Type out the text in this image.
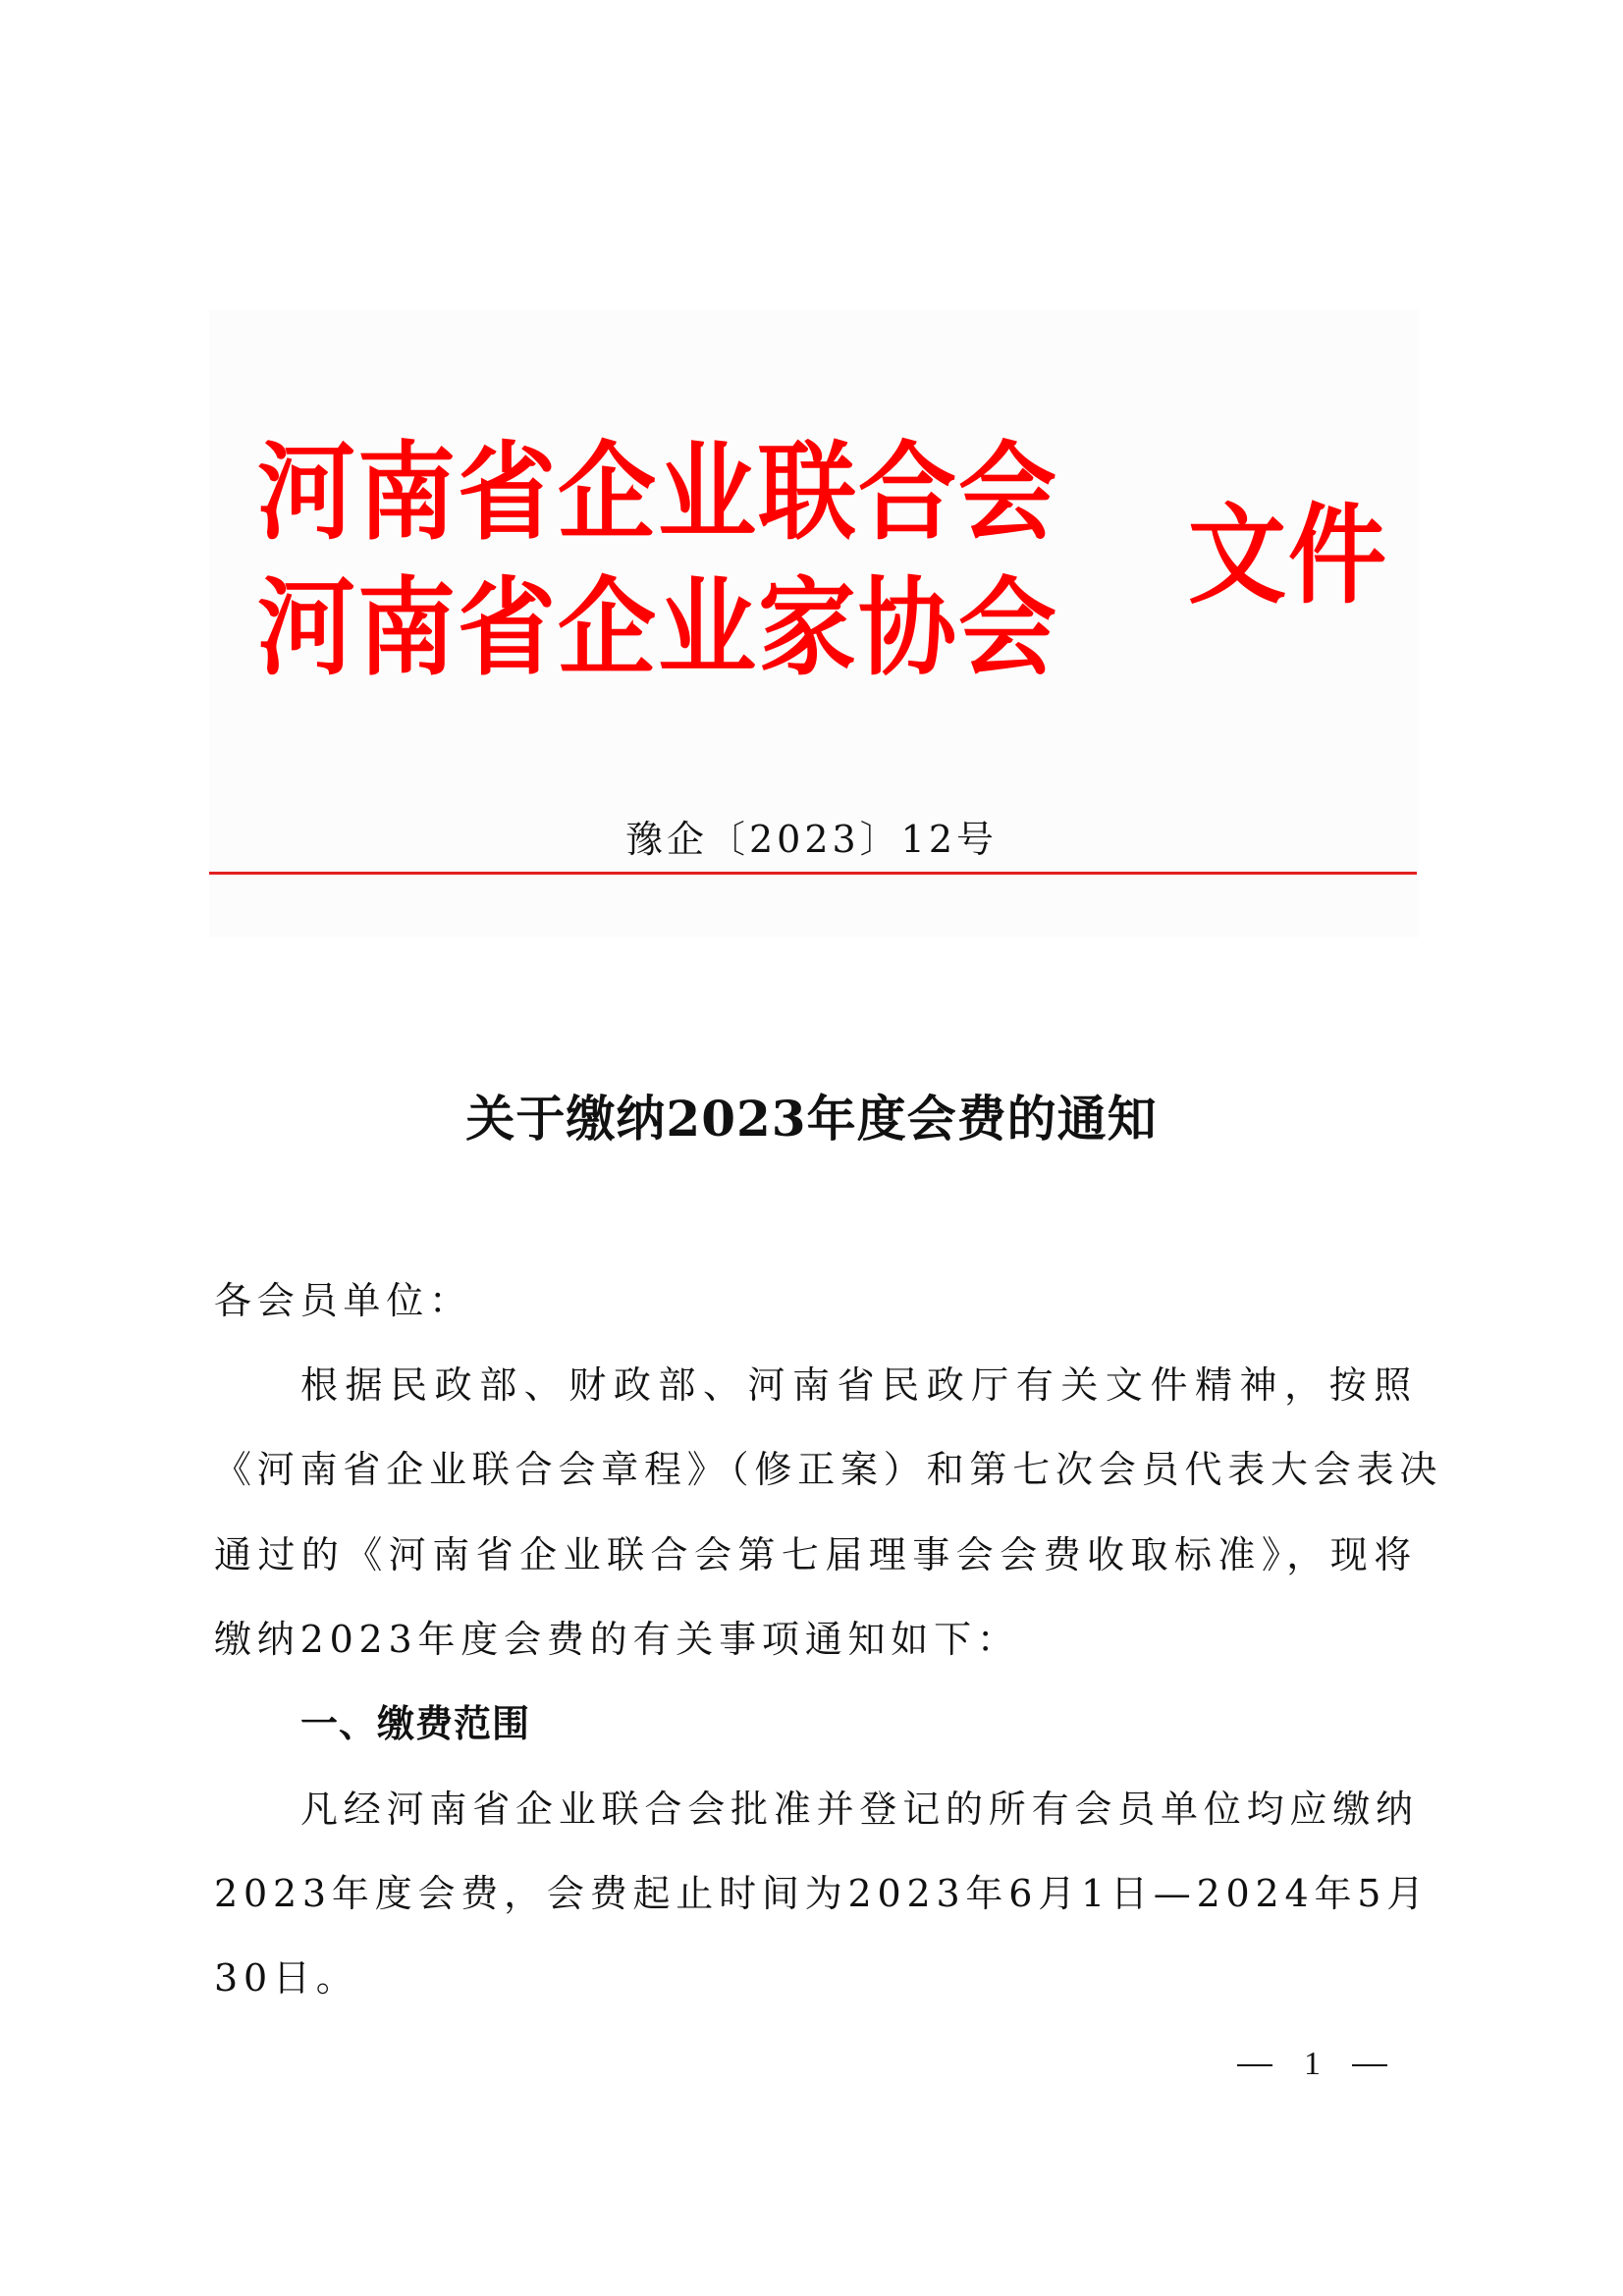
河南省企业联合会
河南省企业家协会
文件
豫企〔2023〕12号
关于缴纳2023年度会费的通知
各会员单位：
根据民政部、财政部、河南省民政厅有关文件精神，按照
《河南省企业联合会章程》（修正案）和第七次会员代表大会表决
通过的《河南省企业联合会第七届理事会会费收取标准》，现将
缴纳2023年度会费的有关事项通知如下：
一、缴费范围
凡经河南省企业联合会批准并登记的所有会员单位均应缴纳
2023年度会费，会费起止时间为2023年6月1日—2024年5月
30日。
1
